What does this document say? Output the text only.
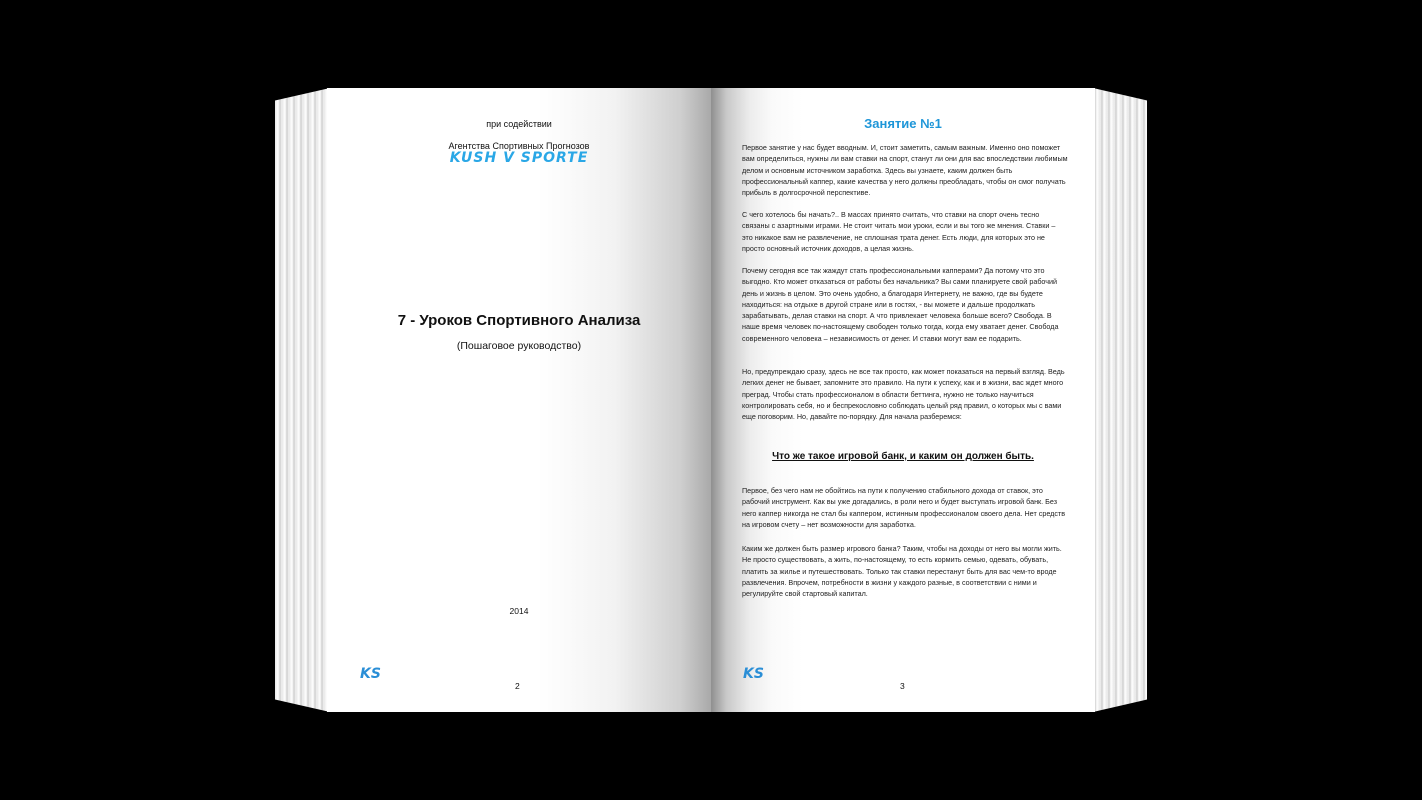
при содействии
Агентства Спортивных Прогнозов
KUSH V SPORTE
7 - Уроков Спортивного Анализа
(Пошаговое руководство)
2014
KS
2
Занятие №1

Первое занятие у нас будет вводным. И, стоит заметить, самым важным. Именно оно поможет вам определиться, нужны ли вам ставки на спорт, станут ли они для вас впоследствии любимым делом и основным источником заработка. Здесь вы узнаете, каким должен быть профессиональный каппер, какие качества у него должны преобладать, чтобы он смог получать прибыль в долгосрочной перспективе.

С чего хотелось бы начать?.. В массах принято считать, что ставки на спорт очень тесно связаны с азартными играми. Не стоит читать мои уроки, если и вы того же мнения. Ставки – это никакое вам не развлечение, не сплошная трата денег. Есть люди, для которых это не просто основный источник доходов, а целая жизнь.

Почему сегодня все так жаждут стать профессиональными капперами? Да потому что это выгодно. Кто может отказаться от работы без начальника? Вы сами планируете свой рабочий день и жизнь в целом. Это очень удобно, а благодаря Интернету, не важно, где вы будете находиться: на отдыхе в другой стране или в гостях, - вы можете и дальше продолжать зарабатывать, делая ставки на спорт. А что привлекает человека больше всего? Свобода. В наше время человек по-настоящему свободен только тогда, когда ему хватает денег. Свобода современного человека – независимость от денег. И ставки могут вам ее подарить.

Но, предупреждаю сразу, здесь не все так просто, как может показаться на первый взгляд. Ведь легких денег не бывает, запомните это правило. На пути к успеху, как и в жизни, вас ждет много преград. Чтобы стать профессионалом в области беттинга, нужно не только научиться контролировать себя, но и беспрекословно соблюдать целый ряд правил, о которых мы с вами еще поговорим. Но, давайте по-порядку. Для начала разберемся:

Что же такое игровой банк, и каким он должен быть.

Первое, без чего нам не обойтись на пути к получению стабильного дохода от ставок, это рабочий инструмент. Как вы уже догадались, в роли него и будет выступать игровой банк. Без него каппер никогда не стал бы каппером, истинным профессионалом своего дела. Нет средств на игровом счету – нет возможности для заработка.

Каким же должен быть размер игрового банка? Таким, чтобы на доходы от него вы могли жить. Не просто существовать, а жить, по-настоящему, то есть кормить семью, одевать, обувать, платить за жилье и путешествовать. Только так ставки перестанут быть для вас чем-то вроде развлечения. Впрочем, потребности в жизни у каждого разные, в соответствии с ними и регулируйте свой стартовый капитал.

KS
3
